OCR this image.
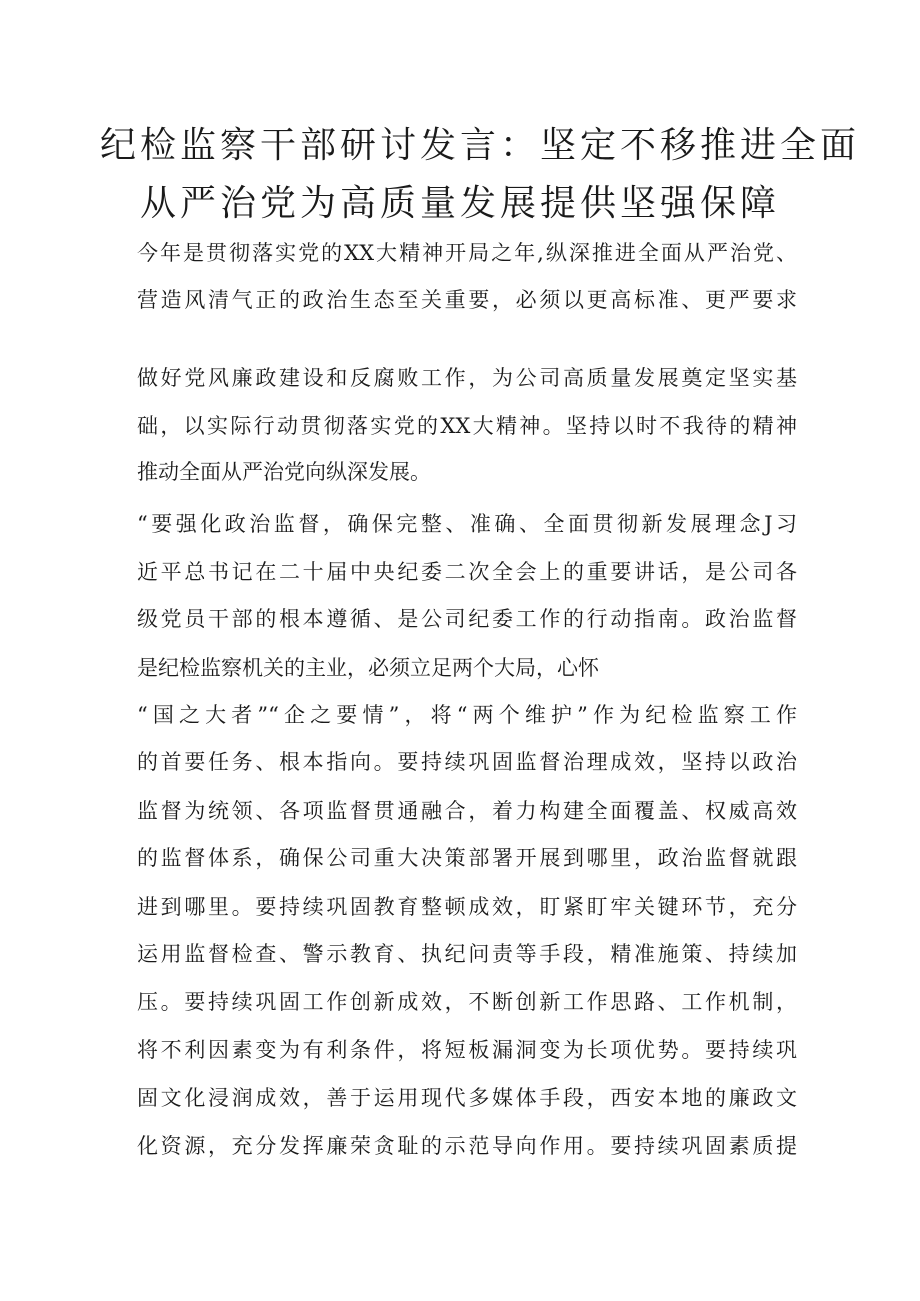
纪检监察干部研讨发言：坚定不移推进全面
从严治党为高质量发展提供坚强保障

今年是贯彻落实党的XX大精神开局之年,纵深推进全面从严治党、

营造风清气正的政治生态至关重要，必须以更高标准、更严要求

做好党风廉政建设和反腐败工作，为公司高质量发展奠定坚实基

础，以实际行动贯彻落实党的XX大精神。坚持以时不我待的精神

推动全面从严治党向纵深发展。

“要强化政治监督，确保完整、准确、全面贯彻新发展理念J习

近平总书记在二十届中央纪委二次全会上的重要讲话，是公司各

级党员干部的根本遵循、是公司纪委工作的行动指南。政治监督

是纪检监察机关的主业，必须立足两个大局，心怀

“国之大者”“企之要情”，将“两个维护”作为纪检监察工作

的首要任务、根本指向。要持续巩固监督治理成效，坚持以政治

监督为统领、各项监督贯通融合，着力构建全面覆盖、权威高效

的监督体系，确保公司重大决策部署开展到哪里，政治监督就跟

进到哪里。要持续巩固教育整顿成效，盯紧盯牢关键环节，充分

运用监督检查、警示教育、执纪问责等手段，精准施策、持续加

压。要持续巩固工作创新成效，不断创新工作思路、工作机制，

将不利因素变为有利条件，将短板漏洞变为长项优势。要持续巩

固文化浸润成效，善于运用现代多媒体手段，西安本地的廉政文

化资源，充分发挥廉荣贪耻的示范导向作用。要持续巩固素质提
